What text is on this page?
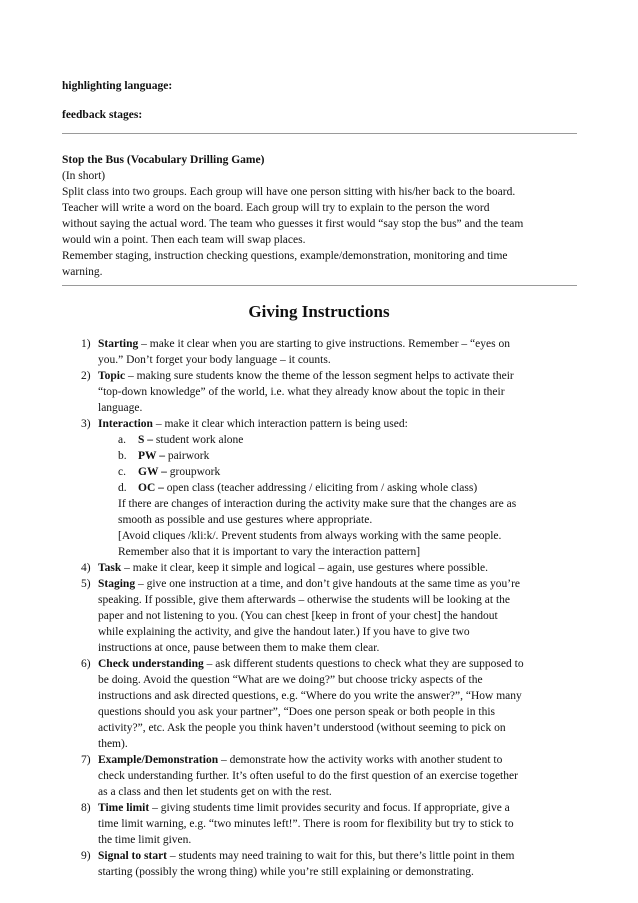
highlighting language:
feedback stages:

Stop the Bus (Vocabulary Drilling Game)

(In short)

Split class into two groups. Each group will have one person sitting with his/her back to the board.

Teacher will write a word on the board. Each group will try to explain to the person the word

without saying the actual word. The team who guesses it first would “say stop the bus” and the team

would win a point. Then each team will swap places.

Remember staging, instruction checking questions, example/demonstration, monitoring and time

warning.

Giving Instructions
1) Starting – make it clear when you are starting to give instructions. Remember – “eyes on
you.” Don’t forget your body language – it counts.
2) Topic – making sure students know the theme of the lesson segment helps to activate their
“top-down knowledge” of the world, i.e. what they already know about the topic in their
language.
3) Interaction – make it clear which interaction pattern is being used:
a.	S – student work alone
b. PW – pairwork
c.	GW – groupwork
d. OC – open class (teacher addressing / eliciting from / asking whole class)
If there are changes of interaction during the activity make sure that the changes are as
smooth as possible and use gestures where appropriate.
[Avoid cliques /kli:k/. Prevent students from always working with the same people.
Remember also that it is important to vary the interaction pattern]
4) Task – make it clear, keep it simple and logical – again, use gestures where possible.
5) Staging – give one instruction at a time, and don’t give handouts at the same time as you’re
speaking. If possible, give them afterwards – otherwise the students will be looking at the
paper and not listening to you. (You can chest [keep in front of your chest] the handout
while explaining the activity, and give the handout later.) If you have to give two
instructions at once, pause between them to make them clear.
6) Check understanding – ask different students questions to check what they are supposed to
be doing. Avoid the question “What are we doing?” but choose tricky aspects of the
instructions and ask directed questions, e.g. “Where do you write the answer?”, “How many
questions should you ask your partner”, “Does one person speak or both people in this
activity?”, etc. Ask the people you think haven’t understood (without seeming to pick on
them).
7) Example/Demonstration – demonstrate how the activity works with another student to
check understanding further. It’s often useful to do the first question of an exercise together
as a class and then let students get on with the rest.
8) Time limit – giving students time limit provides security and focus. If appropriate, give a
time limit warning, e.g. “two minutes left!”. There is room for flexibility but try to stick to
the time limit given.
9) Signal to start – students may need training to wait for this, but there’s little point in them
starting (possibly the wrong thing) while you’re still explaining or demonstrating.
